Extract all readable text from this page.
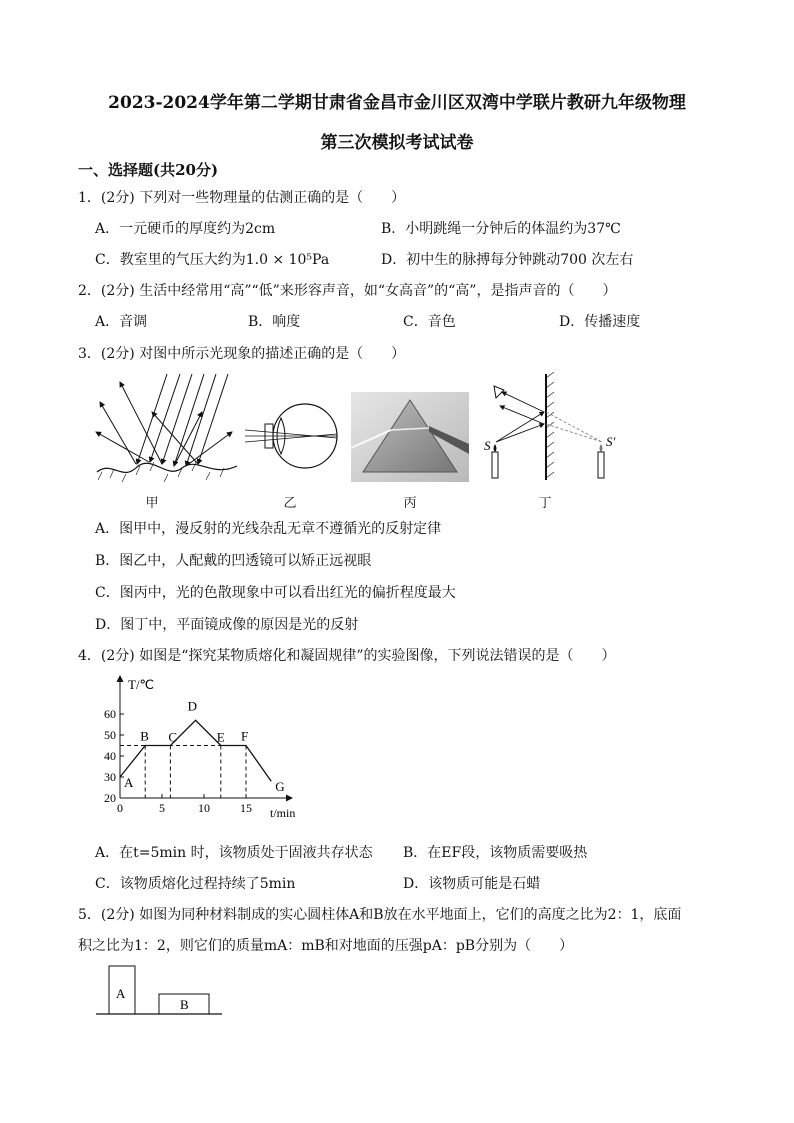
2023-2024学年第二学期甘肃省金昌市金川区双湾中学联片教研九年级物理
第三次模拟考试试卷
一、选择题(共20分)
1．(2分) 下列对一些物理量的估测正确的是（　　）
A．一元硬币的厚度约为2cm	B．小明跳绳一分钟后的体温约为37℃
C．教室里的气压大约为1.0 × 10⁵Pa	D．初中生的脉搏每分钟跳动700 次左右
2．(2分) 生活中经常用“高”“低”来形容声音，如“女高音”的“高”，是指声音的（　　）
A．音调	B．响度	C．音色	D．传播速度
3．(2分) 对图中所示光现象的描述正确的是（　　）
甲	乙	丙
S	S′
丁
A．图甲中，漫反射的光线杂乱无章不遵循光的反射定律
B．图乙中，人配戴的凹透镜可以矫正远视眼
C．图丙中，光的色散现象中可以看出红光的偏折程度最大
D．图丁中，平面镜成像的原因是光的反射
4．(2分) 如图是“探究某物质熔化和凝固规律”的实验图像，下列说法错误的是（　　）
T/℃
t/min
20
30
40
50
60
0	5	10	15
A
B C
D
E F
G
A．在t=5min 时，该物质处于固液共存状态 B．在EF段，该物质需要吸热
C．该物质熔化过程持续了5min	D．该物质可能是石蜡
5．(2分) 如图为同种材料制成的实心圆柱体A和B放在水平地面上，它们的高度之比为2：1，底面
积之比为1：2，则它们的质量mA：mB和对地面的压强pA：pB分别为（　　）
A
B
